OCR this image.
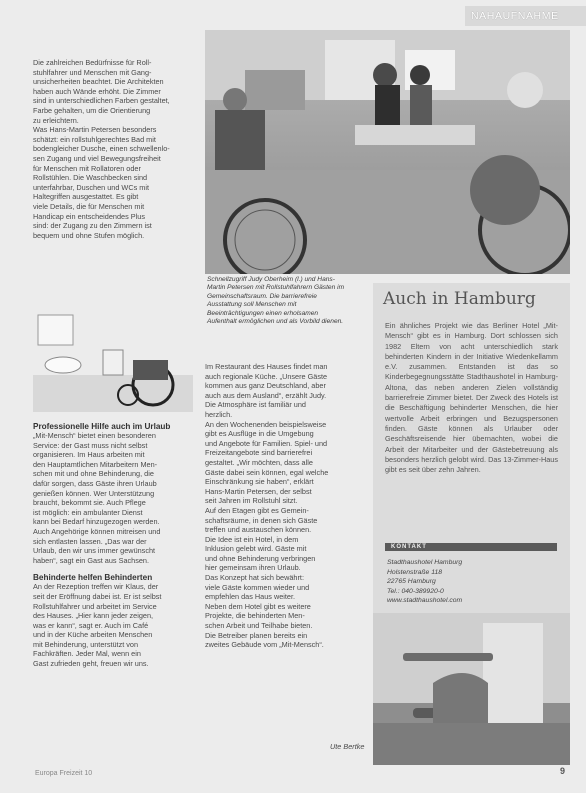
NAHAUFNAHME
Die zahlreichen Bedürfnisse für Roll-
stuhlfahrer und Menschen mit Gang-
unsicherheiten beachtet. Die Architekten
haben auch Wände erhöht. Die Zimmer
sind in unterschiedlichen Farben gestaltet,
Farbe gehalten, um die Orientierung
zu erleichtern.
Was Hans-Martin Petersen besonders
schätzt: ein rollstuhlgerechtes Bad mit
bodengleicher Dusche, einen schwellenlo-
sen Zugang und viel Bewegungsfreiheit
für Menschen mit Rollatoren oder
Rollstühlen. Die Waschbecken sind
unterfahrbar, Duschen und WCs mit
Haltegriffen ausgestattet. Es gibt
viele Details, die für Menschen mit
Handicap ein entscheidendes Plus
sind: der Zugang zu den Zimmern ist
bequem und ohne Stufen möglich.
Schnellzugriff Judy Oberheim (l.) und Hans-Martin Petersen mit Rollstuhlfahrern Gästen im Gemeinschaftsraum. Die barrierefreie Ausstattung soll Menschen mit Beeinträchtigungen einen erholsamen Aufenthalt ermöglichen und als Vorbild dienen.
Professionelle Hilfe auch im Urlaub
„Mit-Mensch“ bietet einen besonderen
Service: der Gast muss nicht selbst
organisieren. Im Haus arbeiten mit
den Hauptamtlichen Mitarbeitern Men-
schen mit und ohne Behinderung, die
dafür sorgen, dass Gäste ihren Urlaub
genießen können. Wer Unterstützung
braucht, bekommt sie. Auch Pflege
ist möglich: ein ambulanter Dienst
kann bei Bedarf hinzugezogen werden.
Auch Angehörige können mitreisen und
sich entlasten lassen. „Das war der
Urlaub, den wir uns immer gewünscht
haben“, sagt ein Gast aus Sachsen.
Behinderte helfen Behinderten
An der Rezeption treffen wir Klaus, der
seit der Eröffnung dabei ist. Er ist selbst
Rollstuhlfahrer und arbeitet im Service
des Hauses. „Hier kann jeder zeigen,
was er kann“, sagt er. Auch im Café
und in der Küche arbeiten Menschen
mit Behinderung, unterstützt von
Fachkräften. Jeder Mal, wenn ein
Gast zufrieden geht, freuen wir uns.
Im Restaurant des Hauses findet man
auch regionale Küche. „Unsere Gäste
kommen aus ganz Deutschland, aber
auch aus dem Ausland“, erzählt Judy.
Die Atmosphäre ist familiär und
herzlich.
An den Wochenenden beispielsweise
gibt es Ausflüge in die Umgebung
und Angebote für Familien. Spiel- und
Freizeitangebote sind barrierefrei
gestaltet. „Wir möchten, dass alle
Gäste dabei sein können, egal welche
Einschränkung sie haben“, erklärt
Hans-Martin Petersen, der selbst
seit Jahren im Rollstuhl sitzt.
Auf den Etagen gibt es Gemein-
schaftsräume, in denen sich Gäste
treffen und austauschen können.
Die Idee ist ein Hotel, in dem
Inklusion gelebt wird. Gäste mit
und ohne Behinderung verbringen
hier gemeinsam ihren Urlaub.
Das Konzept hat sich bewährt:
viele Gäste kommen wieder und
empfehlen das Haus weiter.
Neben dem Hotel gibt es weitere
Projekte, die behinderten Men-
schen Arbeit und Teilhabe bieten.
Die Betreiber planen bereits ein
zweites Gebäude vom „Mit-Mensch“.
Ute Bertke
Auch in Hamburg
Ein ähnliches Projekt wie das Berliner Hotel „Mit-Mensch“ gibt es in Hamburg. Dort schlossen sich 1982 Eltern von acht unterschiedlich stark behinderten Kindern in der Initiative Wiedenkellamm e.V. zusammen. Entstanden ist das so Kinderbegegnungsstätte Stadthaushotel in Hamburg-Altona, das neben anderen Zielen vollständig barrierefreie Zimmer bietet. Der Zweck des Hotels ist die Beschäftigung behinderter Menschen, die hier wertvolle Arbeit erbringen und Bezugspersonen finden. Gäste können als Urlauber oder Geschäftsreisende hier übernachten, wobei die Arbeit der Mitarbeiter und der Gästebetreuung als besonders herzlich gelobt wird. Das 13-Zimmer-Haus gibt es seit über zehn Jahren.
KONTAKT
Stadthaushotel Hamburg
Holstenstraße 118
22765 Hamburg
Tel.: 040-389920-0
www.stadthaushotel.com
Europa Freizeit 10	9
